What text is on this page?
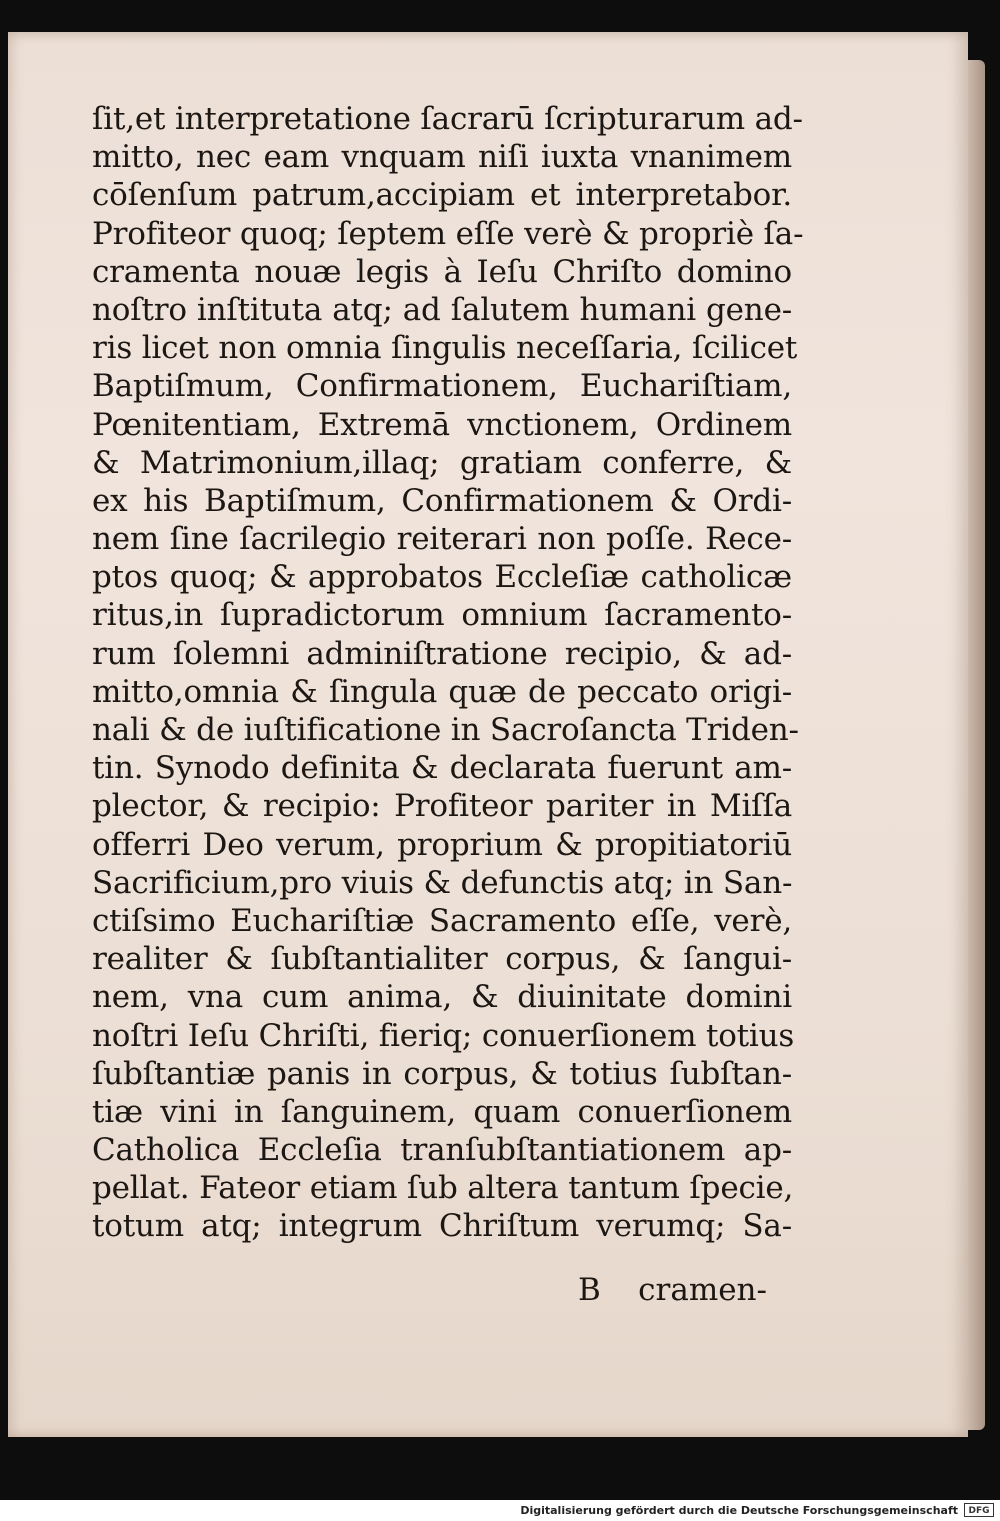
ſit,et interpretatione ſacrarū ſcripturarum ad-
mitto, nec eam vnquam niſi iuxta vnanimem
cōſenſum patrum,accipiam et interpretabor.
Profiteor quoq; ſeptem eſſe verè & propriè ſa-
cramenta nouæ legis à Ieſu Chriſto domino
noſtro inſtituta atq; ad ſalutem humani gene-
ris licet non omnia ſingulis neceſſaria, ſcilicet
Baptiſmum, Confirmationem, Euchariſtiam,
Pœnitentiam, Extremā vnctionem, Ordinem
& Matrimonium,illaq; gratiam conferre, &
ex his Baptiſmum, Confirmationem & Ordi-
nem ſine ſacrilegio reiterari non poſſe. Rece-
ptos quoq; & approbatos Eccleſiæ catholicæ
ritus,in ſupradictorum omnium ſacramento-
rum ſolemni adminiſtratione recipio, & ad-
mitto,omnia & ſingula quæ de peccato origi-
nali & de iuſtificatione in Sacroſancta Triden-
tin. Synodo definita & declarata fuerunt am-
plector, & recipio: Profiteor pariter in Miſſa
offerri Deo verum, proprium & propitiatoriū
Sacrificium,pro viuis & defunctis atq; in San-
ctiſsimo Euchariſtiæ Sacramento eſſe, verè,
realiter & ſubſtantialiter corpus, & ſangui-
nem, vna cum anima, & diuinitate domini
noſtri Ieſu Chriſti, fieriq; conuerſionem totius
ſubſtantiæ panis in corpus, & totius ſubſtan-
tiæ vini in ſanguinem, quam conuerſionem
Catholica Eccleſia tranſubſtantiationem ap-
pellat. Fateor etiam ſub altera tantum ſpecie,
totum atq; integrum Chriſtum verumq; Sa-
B cramen-
Digitalisierung gefördert durch die Deutsche Forschungsgemeinschaft	DFG
